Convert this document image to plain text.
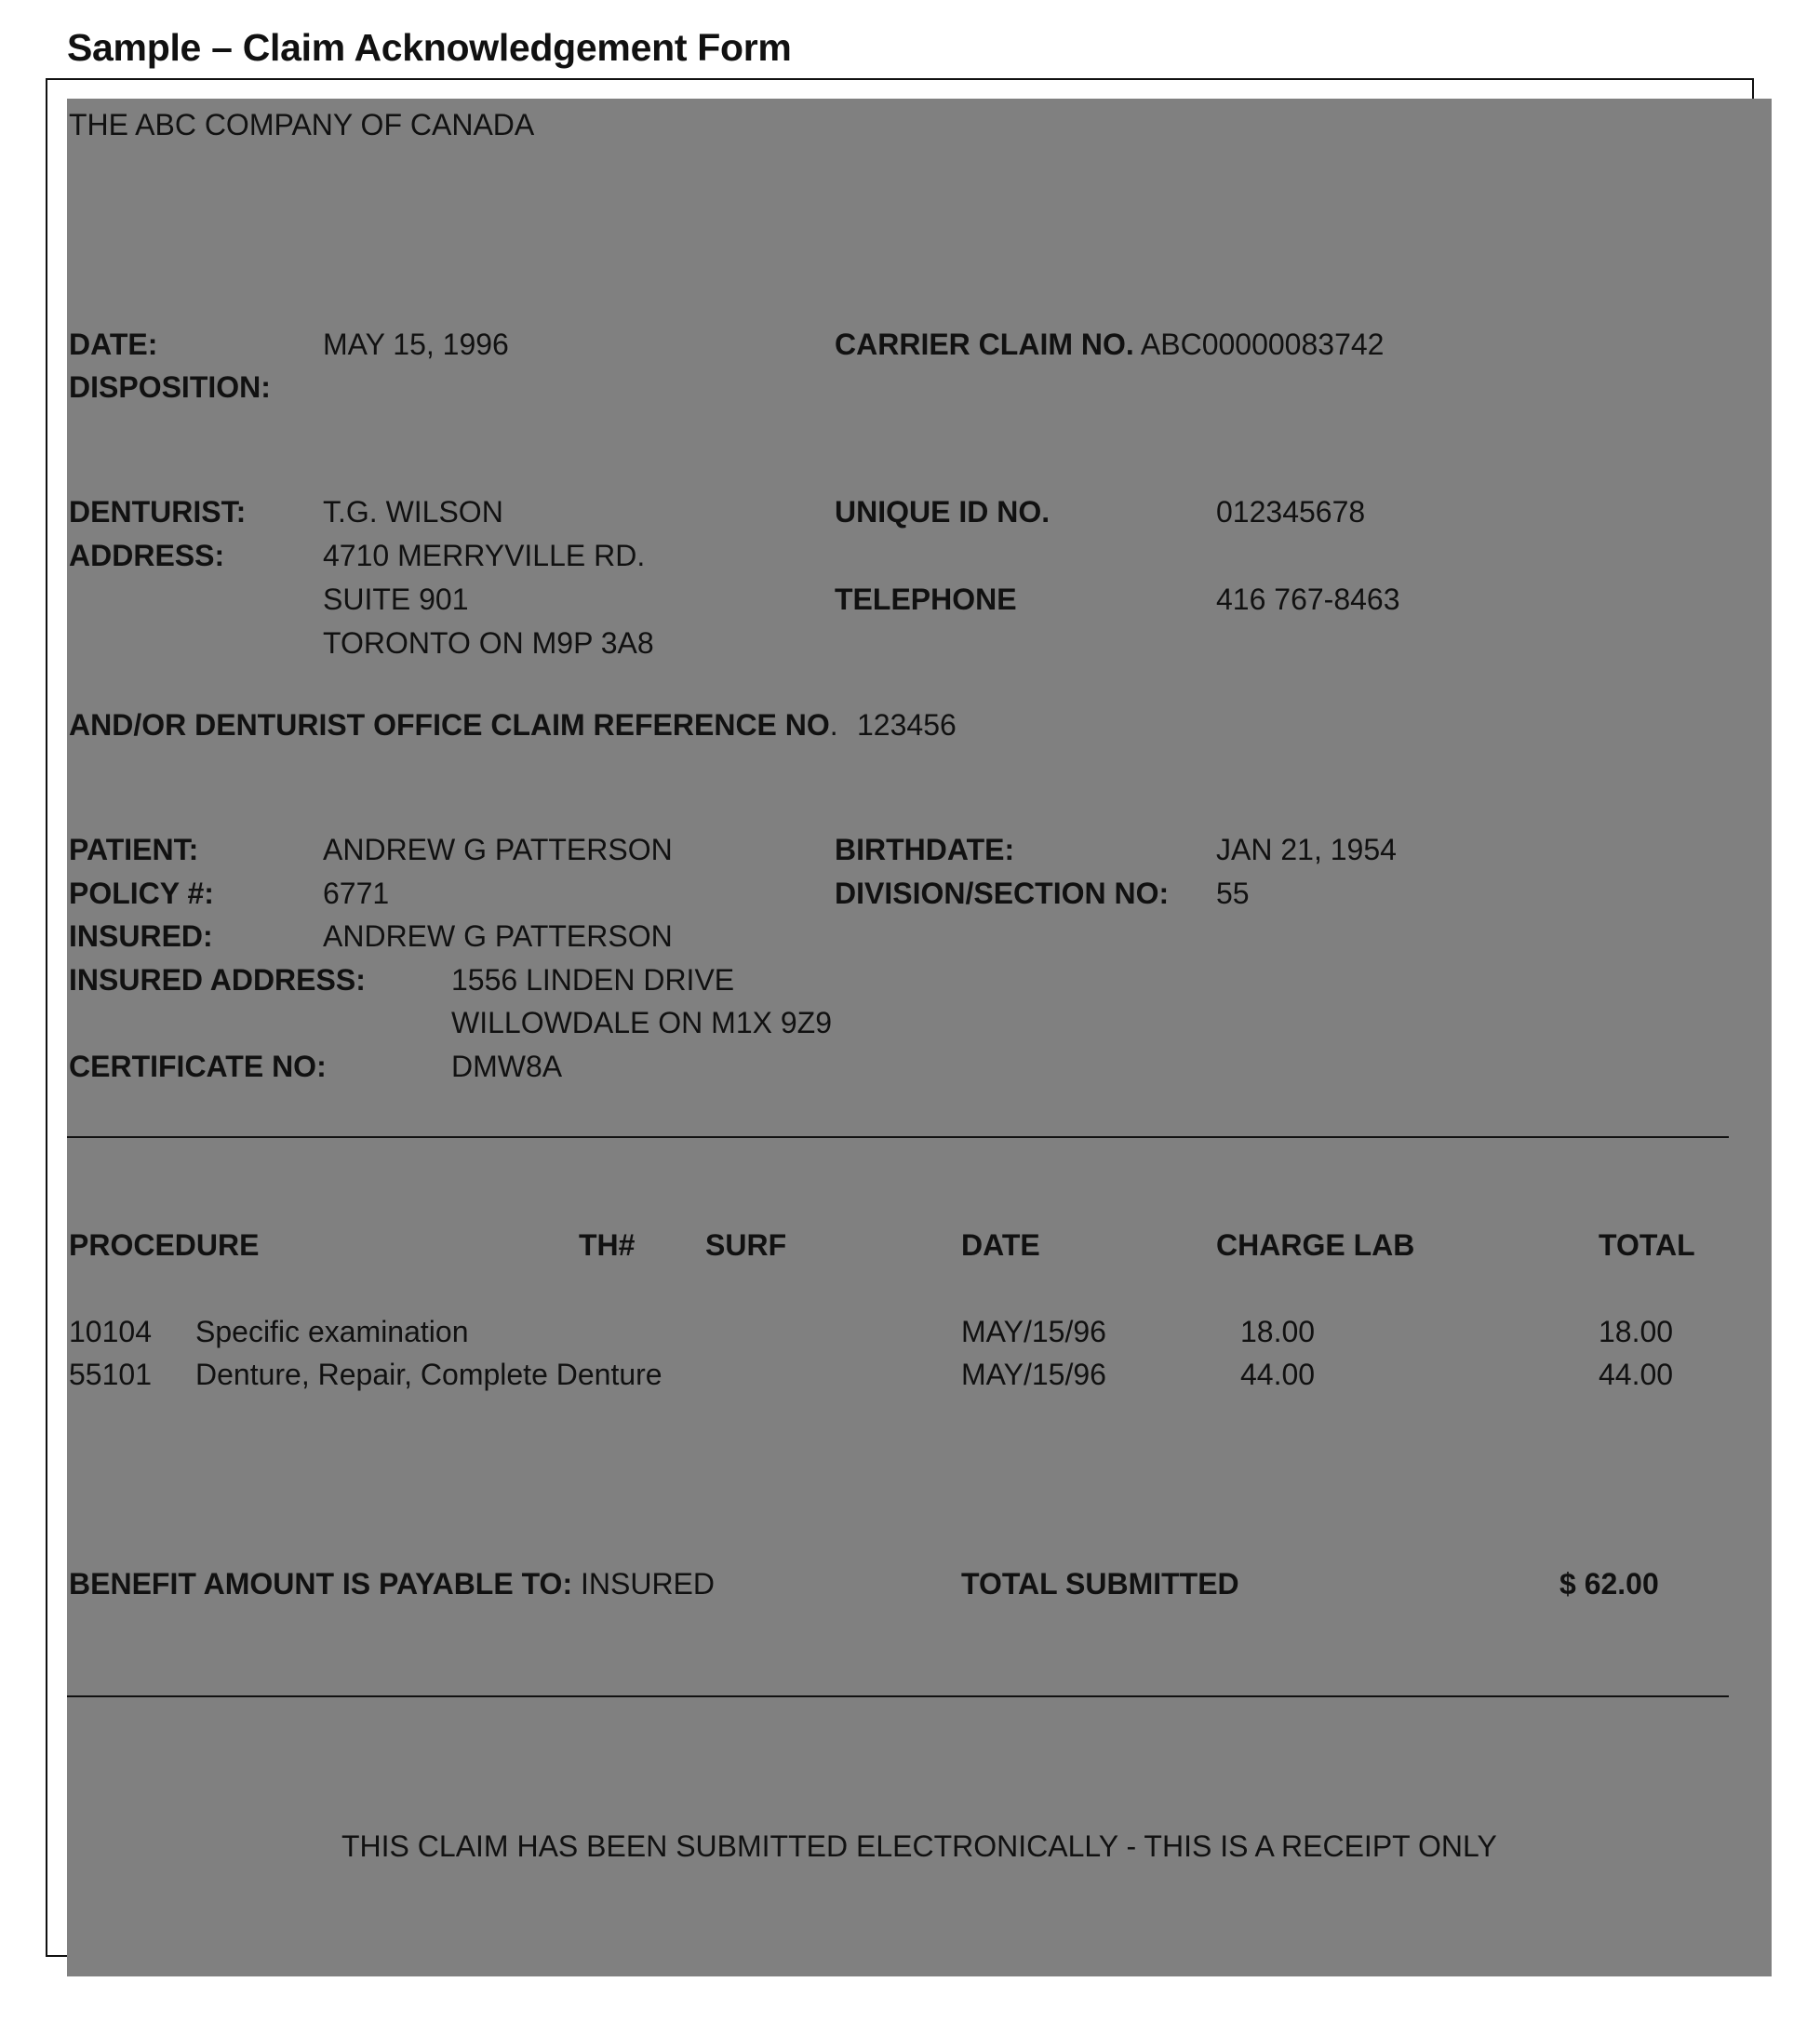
Sample – Claim Acknowledgement Form
THE ABC COMPANY OF CANADA
DATE:	MAY 15, 1996
DISPOSITION:
CARRIER CLAIM NO. ABC00000083742
DENTURIST:	T.G. WILSON
ADDRESS:	4710 MERRYVILLE RD.
SUITE 901
TORONTO ON M9P 3A8
UNIQUE ID NO.	012345678
TELEPHONE	416 767-8463
AND/OR DENTURIST OFFICE CLAIM REFERENCE NO. 123456
PATIENT:	ANDREW G PATTERSON
POLICY #:	6771
INSURED:	ANDREW G PATTERSON
INSURED ADDRESS:	1556 LINDEN DRIVE
WILLOWDALE ON M1X 9Z9
CERTIFICATE NO:	DMW8A
BIRTHDATE:	JAN 21, 1954
DIVISION/SECTION NO: 55
PROCEDURE	TH# SURF	DATE	CHARGE LAB	TOTAL
10104 Specific examination	MAY/15/96	18.00	18.00
55101 Denture, Repair, Complete Denture	MAY/15/96	44.00	44.00
BENEFIT AMOUNT IS PAYABLE TO: INSURED	TOTAL SUBMITTED	$ 62.00
THIS CLAIM HAS BEEN SUBMITTED ELECTRONICALLY - THIS IS A RECEIPT ONLY
